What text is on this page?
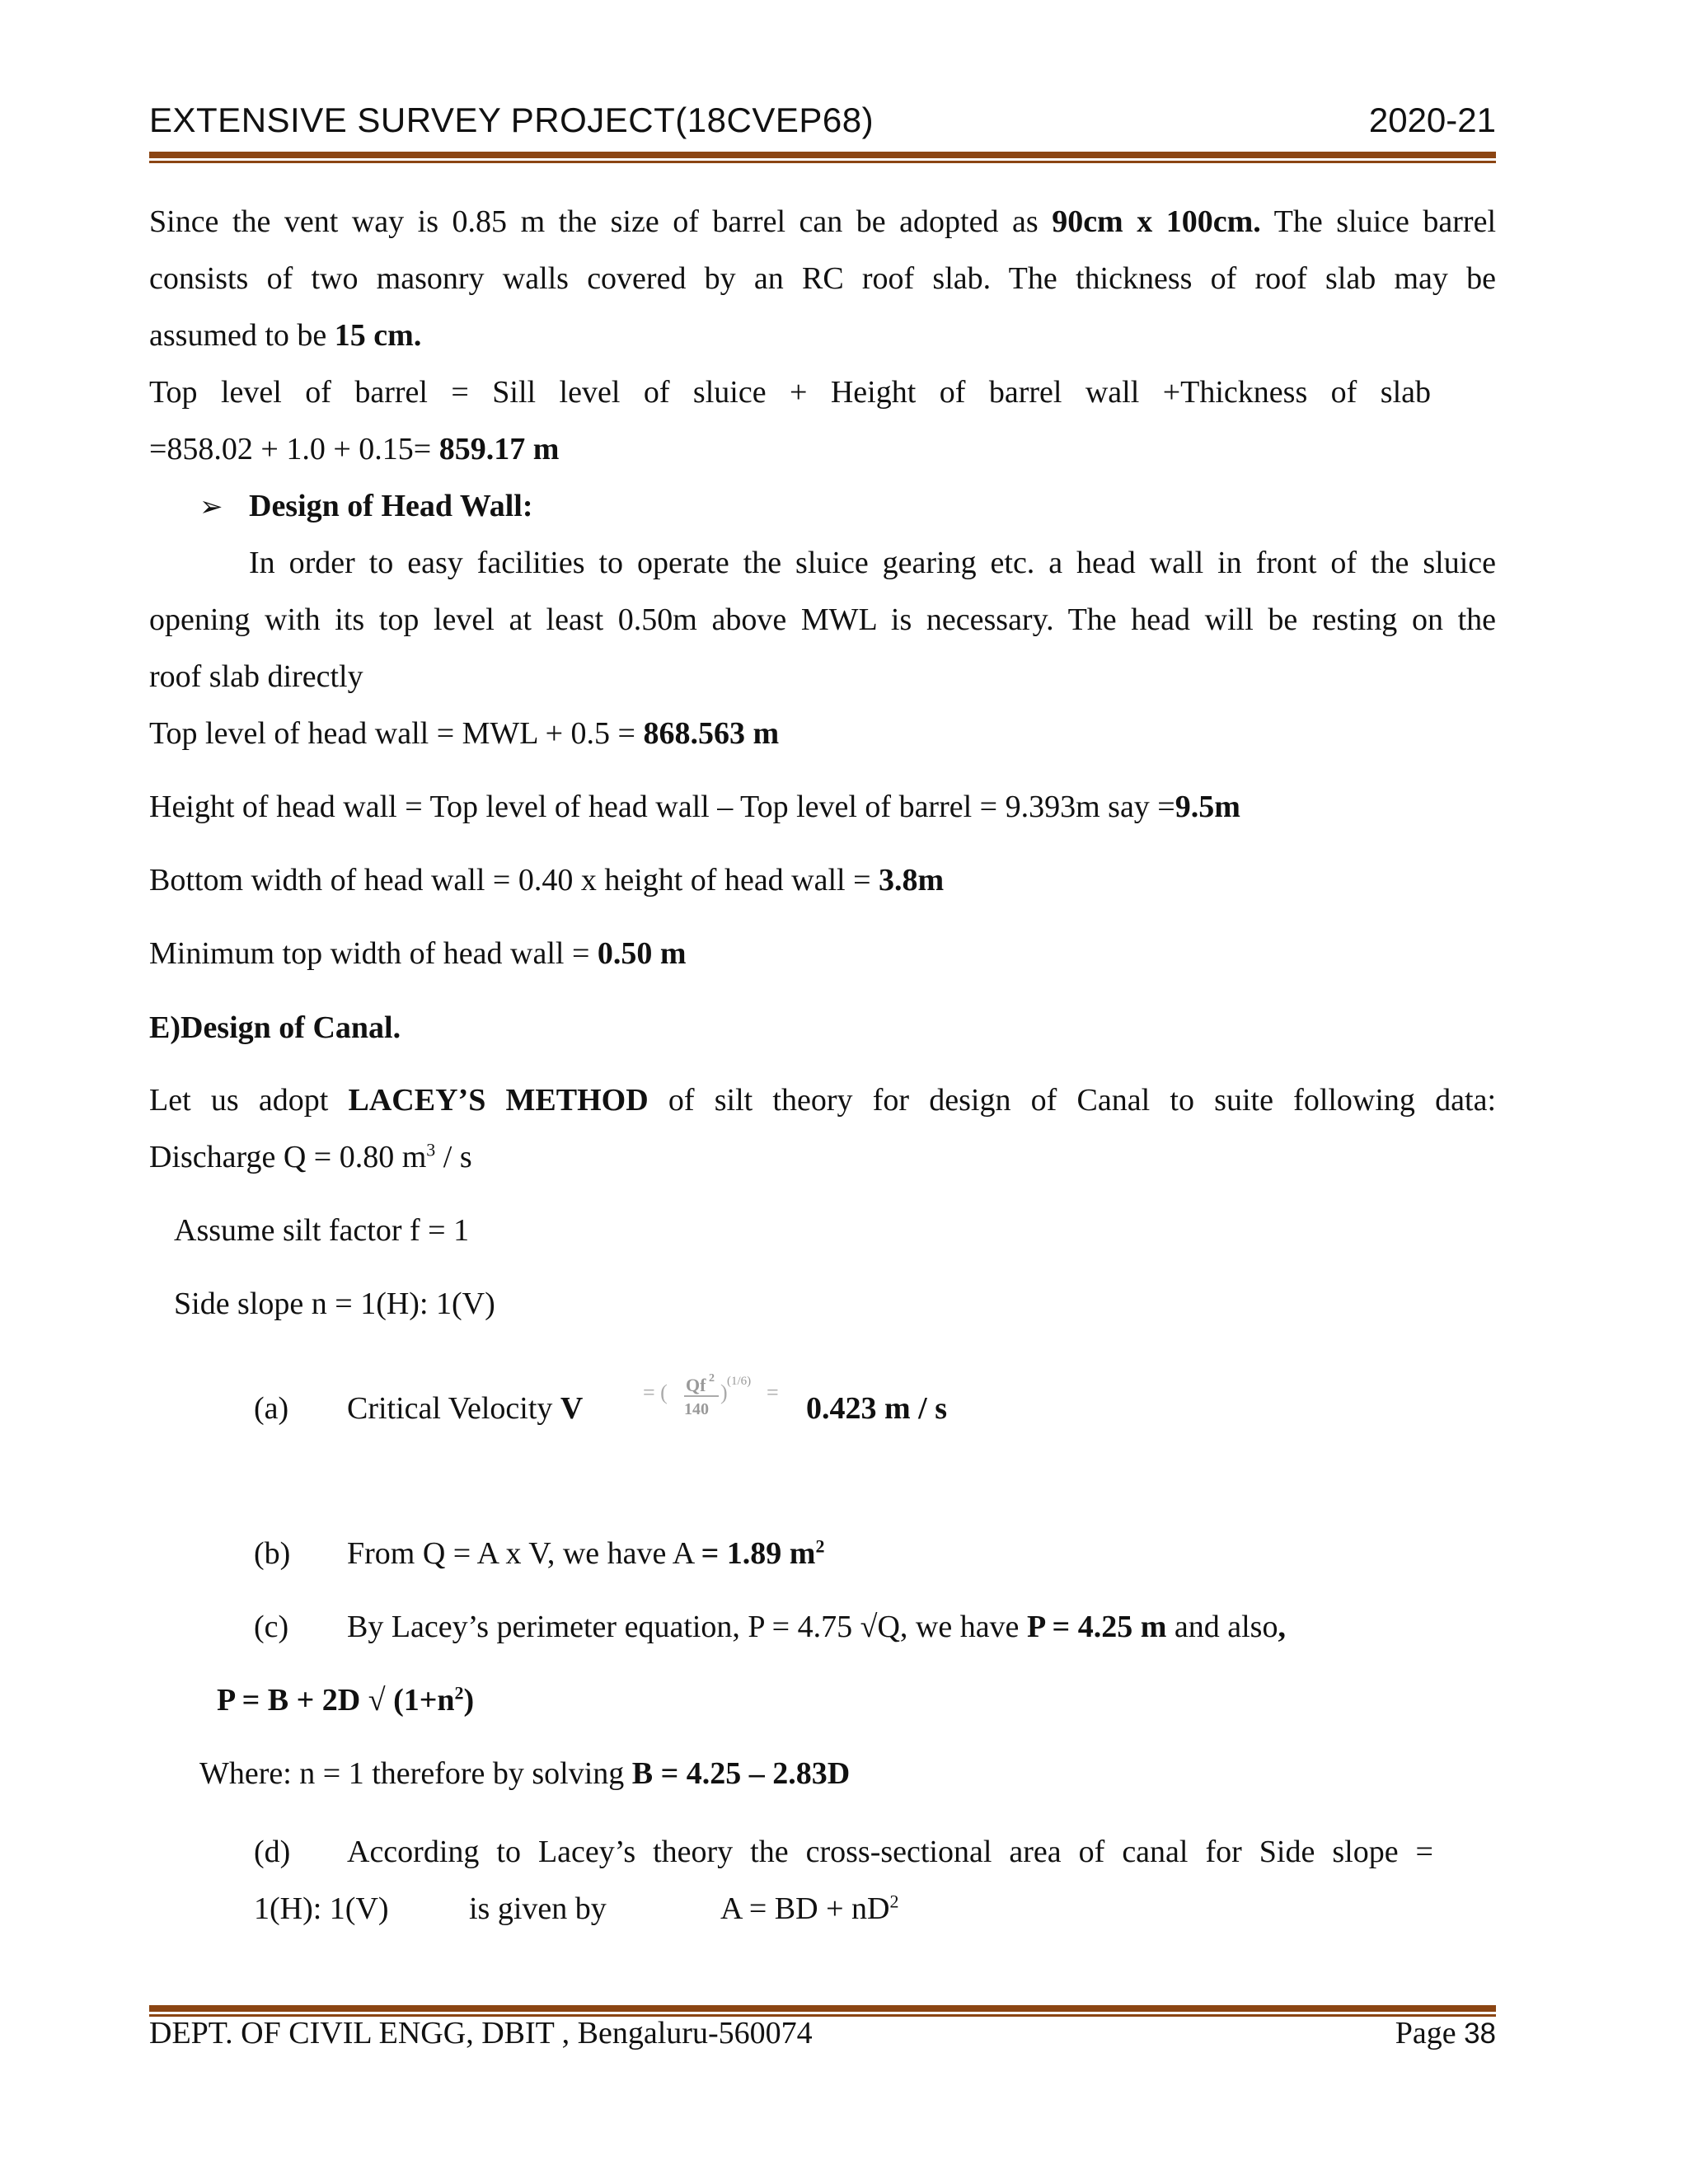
EXTENSIVE SURVEY PROJECT(18CVEP68)	2020-21
Since the vent way is 0.85 m the size of barrel can be adopted as 90cm x 100cm. The sluice barrel
consists of two masonry walls covered by an RC roof slab. The thickness of roof slab may be
assumed to be 15 cm.
Top level of barrel = Sill level of sluice + Height of barrel wall +Thickness of slab
=858.02 + 1.0 + 0.15= 859.17 m
➢ Design of Head Wall:
In order to easy facilities to operate the sluice gearing etc. a head wall in front of the sluice
opening with its top level at least 0.50m above MWL is necessary. The head will be resting on the
roof slab directly
Top level of head wall = MWL + 0.5 = 868.563 m
Height of head wall = Top level of head wall – Top level of barrel = 9.393m say =9.5m
Bottom width of head wall = 0.40 x height of head wall = 3.8m
Minimum top width of head wall = 0.50 m
E)Design of Canal.
Let us adopt LACEY’S METHOD of silt theory for design of Canal to suite following data:
Discharge Q = 0.80 $m^3$ / s
Assume silt factor f = 1
Side slope n = 1(H): 1(V)
(a) Critical Velocity V	= ( Qf 2
140
) (1/6) = 0.423 m / s
(b) From Q = A x V, we have A = 1.89 $m^2$
(c) By Lacey’s perimeter equation, P = 4.75 √Q, we have P = 4.25 m and also,
P = B + 2D √ $(1+n^2)$
Where: n = 1 therefore by solving B = 4.25 – 2.83D
(d) According to Lacey’s theory the cross-sectional area of canal for Side slope =
1(H): 1(V)	is given by	A = BD + $nD^2$
DEPT. OF CIVIL ENGG, DBIT , Bengaluru-560074	Page 38
